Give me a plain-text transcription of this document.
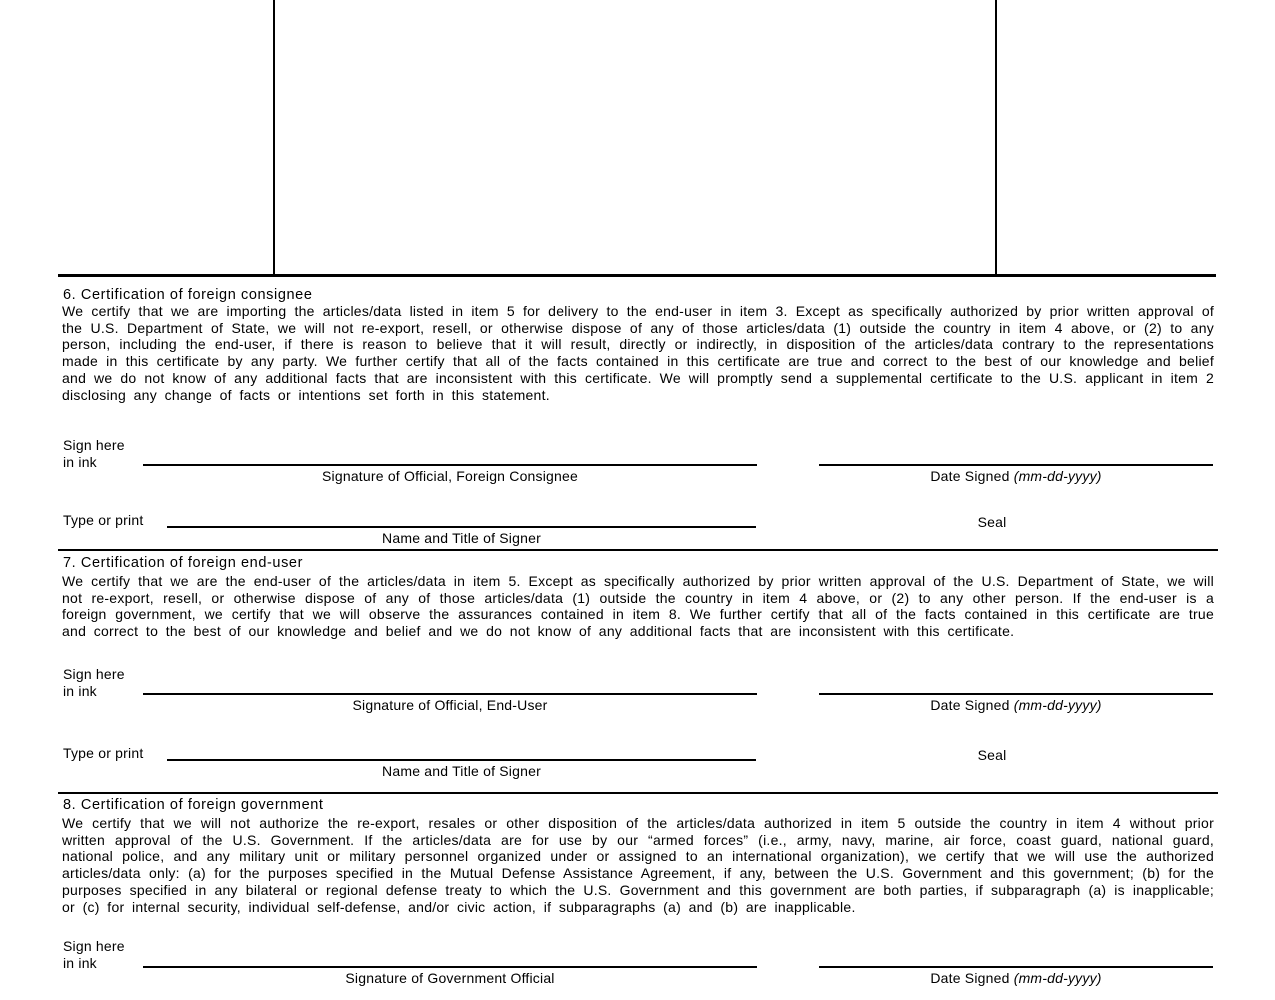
6. Certification of foreign consignee
We certify that we are importing the articles/data listed in item 5 for delivery to the end-user in item 3. Except as specifically authorized by prior written approval of the U.S. Department of State, we will not re-export, resell, or otherwise dispose of any of those articles/data (1) outside the country in item 4 above, or (2) to any person, including the end-user, if there is reason to believe that it will result, directly or indirectly, in disposition of the articles/data contrary to the representations made in this certificate by any party. We further certify that all of the facts contained in this certificate are true and correct to the best of our knowledge and belief and we do not know of any additional facts that are inconsistent with this certificate. We will promptly send a supplemental certificate to the U.S. applicant in item 2 disclosing any change of facts or intentions set forth in this statement.
Sign here
in ink
Signature of Official, Foreign Consignee	Date Signed (mm-dd-yyyy)
Type or print
Name and Title of Signer
Seal
7. Certification of foreign end-user
We certify that we are the end-user of the articles/data in item 5. Except as specifically authorized by prior written approval of the U.S. Department of State, we will not re-export, resell, or otherwise dispose of any of those articles/data (1) outside the country in item 4 above, or (2) to any other person. If the end-user is a foreign government, we certify that we will observe the assurances contained in item 8. We further certify that all of the facts contained in this certificate are true and correct to the best of our knowledge and belief and we do not know of any additional facts that are inconsistent with this certificate.
Sign here
in ink
Signature of Official, End-User	Date Signed (mm-dd-yyyy)
Type or print
Name and Title of Signer
Seal
8. Certification of foreign government
We certify that we will not authorize the re-export, resales or other disposition of the articles/data authorized in item 5 outside the country in item 4 without prior written approval of the U.S. Government. If the articles/data are for use by our “armed forces” (i.e., army, navy, marine, air force, coast guard, national guard, national police, and any military unit or military personnel organized under or assigned to an international organization), we certify that we will use the authorized articles/data only: (a) for the purposes specified in the Mutual Defense Assistance Agreement, if any, between the U.S. Government and this government; (b) for the purposes specified in any bilateral or regional defense treaty to which the U.S. Government and this government are both parties, if subparagraph (a) is inapplicable; or (c) for internal security, individual self-defense, and/or civic action, if subparagraphs (a) and (b) are inapplicable.
Sign here
in ink
Signature of Government Official	Date Signed (mm-dd-yyyy)
